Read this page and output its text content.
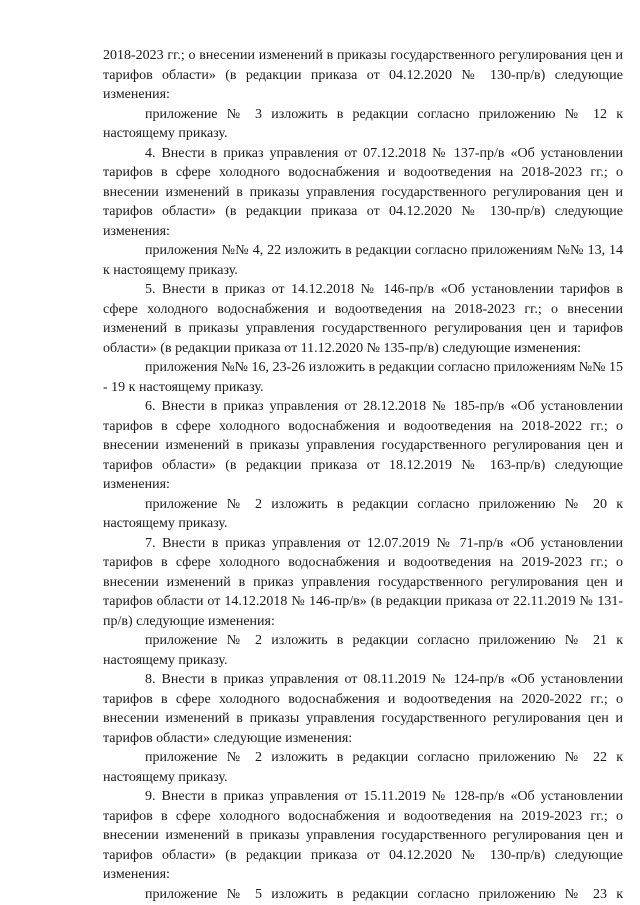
2018-2023 гг.; о внесении изменений в приказы государственного регулирования цен и тарифов области» (в редакции приказа от 04.12.2020 № 130-пр/в) следующие изменения:

приложение № 3 изложить в редакции согласно приложению № 12 к настоящему приказу.

4. Внести в приказ управления от 07.12.2018 № 137-пр/в «Об установлении тарифов в сфере холодного водоснабжения и водоотведения на 2018-2023 гг.; о внесении изменений в приказы управления государственного регулирования цен и тарифов области» (в редакции приказа от 04.12.2020 № 130-пр/в) следующие изменения:

приложения №№ 4, 22 изложить в редакции согласно приложениям №№ 13, 14 к настоящему приказу.

5. Внести в приказ от 14.12.2018 № 146-пр/в «Об установлении тарифов в сфере холодного водоснабжения и водоотведения на 2018-2023 гг.; о внесении изменений в приказы управления государственного регулирования цен и тарифов области» (в редакции приказа от 11.12.2020 № 135-пр/в) следующие изменения:

приложения №№ 16, 23-26 изложить в редакции согласно приложениям №№ 15 - 19 к настоящему приказу.

6. Внести в приказ управления от 28.12.2018 № 185-пр/в «Об установлении тарифов в сфере холодного водоснабжения и водоотведения на 2018-2022 гг.; о внесении изменений в приказы управления государственного регулирования цен и тарифов области» (в редакции приказа от 18.12.2019 № 163-пр/в) следующие изменения:

приложение № 2 изложить в редакции согласно приложению № 20 к настоящему приказу.

7. Внести в приказ управления от 12.07.2019 № 71-пр/в «Об установлении тарифов в сфере холодного водоснабжения и водоотведения на 2019-2023 гг.; о внесении изменений в приказ управления государственного регулирования цен и тарифов области от 14.12.2018 № 146-пр/в» (в редакции приказа от 22.11.2019 № 131-пр/в) следующие изменения:

приложение № 2 изложить в редакции согласно приложению № 21 к настоящему приказу.

8. Внести в приказ управления от 08.11.2019 № 124-пр/в «Об установлении тарифов в сфере холодного водоснабжения и водоотведения на 2020-2022 гг.; о внесении изменений в приказы управления государственного регулирования цен и тарифов области» следующие изменения:

приложение № 2 изложить в редакции согласно приложению № 22 к настоящему приказу.

9. Внести в приказ управления от 15.11.2019 № 128-пр/в «Об установлении тарифов в сфере холодного водоснабжения и водоотведения на 2019-2023 гг.; о внесении изменений в приказы управления государственного регулирования цен и тарифов области» (в редакции приказа от 04.12.2020 № 130-пр/в) следующие изменения:

приложение № 5 изложить в редакции согласно приложению № 23 к
